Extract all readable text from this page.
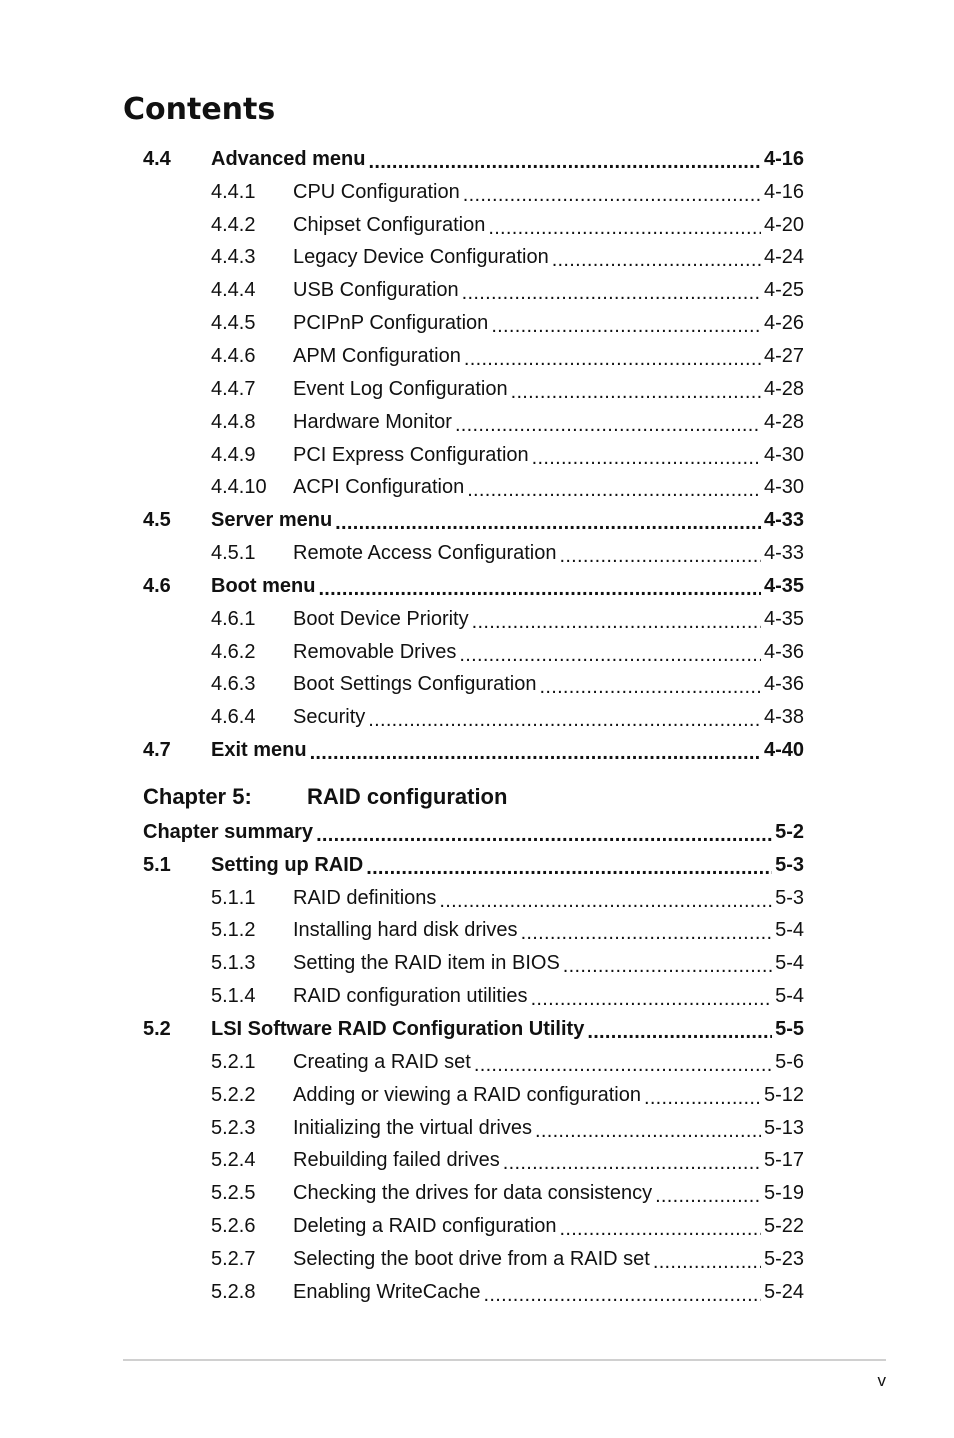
Contents
4.4	Advanced menu .....	4-16
4.4.1	CPU Configuration .....	4-16
4.4.2	Chipset Configuration .....	4-20
4.4.3	Legacy Device Configuration .....	4-24
4.4.4	USB Configuration .....	4-25
4.4.5	PCIPnP Configuration .....	4-26
4.4.6	APM Configuration .....	4-27
4.4.7	Event Log Configuration .....	4-28
4.4.8	Hardware Monitor .....	4-28
4.4.9	PCI Express Configuration .....	4-30
4.4.10	ACPI Configuration .....	4-30
4.5	Server menu .....	4-33
4.5.1	Remote Access Configuration .....	4-33
4.6	Boot menu .....	4-35
4.6.1	Boot Device Priority .....	4-35
4.6.2	Removable Drives .....	4-36
4.6.3	Boot Settings Configuration .....	4-36
4.6.4	Security .....	4-38
4.7	Exit menu .....	4-40
Chapter 5:	RAID configuration
Chapter summary .....	5-2
5.1	Setting up RAID .....	5-3
5.1.1	RAID definitions .....	5-3
5.1.2	Installing hard disk drives .....	5-4
5.1.3	Setting the RAID item in BIOS .....	5-4
5.1.4	RAID configuration utilities .....	5-4
5.2	LSI Software RAID Configuration Utility .....	5-5
5.2.1	Creating a RAID set .....	5-6
5.2.2	Adding or viewing a RAID configuration .....	5-12
5.2.3	Initializing the virtual drives .....	5-13
5.2.4	Rebuilding failed drives .....	5-17
5.2.5	Checking the drives for data consistency .....	5-19
5.2.6	Deleting a RAID configuration .....	5-22
5.2.7	Selecting the boot drive from a RAID set .....	5-23
5.2.8	Enabling WriteCache .....	5-24
v
